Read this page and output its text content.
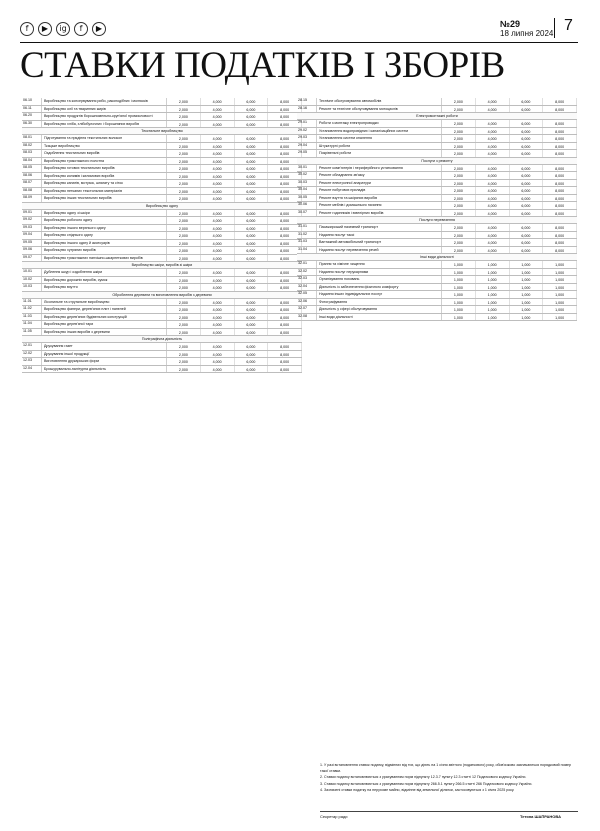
f	▶	ig	f	▶	№29
18 липня 2024 7
СТАВКИ ПОДАТКІВ І ЗБОРІВ
06.10	Виробництво та консервування риби, ракоподібних і молюсків	2,000	4,000	6,000	8,000
06.11	Виробництво олії та тваринних жирів	2,000	4,000	6,000	8,000
06.20	Виробництво продуктів борошномельно-круп'яної промисловості	2,000	4,000	6,000	8,000
06.30	Виробництво хліба, хлібобулочних і борошняних виробів	2,000	4,000	6,000	8,000
Текстильне виробництво
08.01	Підготування та прядіння текстильних волокон	2,000	4,000	6,000	8,000
08.02	Ткацьке виробництво	2,000	4,000	6,000	8,000
08.03	Оздоблення текстильних виробів	2,000	4,000	6,000	8,000
08.04	Виробництво трикотажного полотна	2,000	4,000	6,000	8,000
08.05	Виробництво готових текстильних виробів	2,000	4,000	6,000	8,000
08.06	Виробництво килимів і килимових виробів	2,000	4,000	6,000	8,000
08.07	Виробництво канатів, мотузок, шпагату та сіток	2,000	4,000	6,000	8,000
08.08	Виробництво нетканих текстильних матеріалів	2,000	4,000	6,000	8,000
08.09	Виробництво інших текстильних виробів	2,000	4,000	6,000	8,000
Виробництво одягу
09.01	Виробництво одягу зі шкіри	2,000	4,000	6,000	8,000
09.02	Виробництво робочого одягу	2,000	4,000	6,000	8,000
09.03	Виробництво іншого верхнього одягу	2,000	4,000	6,000	8,000
09.04	Виробництво спіднього одягу	2,000	4,000	6,000	8,000
09.05	Виробництво іншого одягу й аксесуарів	2,000	4,000	6,000	8,000
09.06	Виробництво хутряних виробів	2,000	4,000	6,000	8,000
09.07	Виробництво трикотажних панчішно-шкарпеткових виробів	2,000	4,000	6,000	8,000
Виробництво шкіри, виробів зі шкіри
10.01	Дублення шкур і оздоблення шкіри	2,000	4,000	6,000	8,000
10.02	Виробництво дорожніх виробів, сумок	2,000	4,000	6,000	8,000
10.03	Виробництво взуття	2,000	4,000	6,000	8,000
Оброблення деревини та виготовлення виробів з деревини
11.01	Лісопильне та стругальне виробництво	2,000	4,000	6,000	8,000
11.02	Виробництво фанери, дерев'яних плит і панелей	2,000	4,000	6,000	8,000
11.03	Виробництво дерев'яних будівельних конструкцій	2,000	4,000	6,000	8,000
11.04	Виробництво дерев'яної тари	2,000	4,000	6,000	8,000
11.05	Виробництво інших виробів з деревини	2,000	4,000	6,000	8,000
Поліграфічна діяльність
12.01	Друкування газет	2,000	4,000	6,000	8,000
12.02	Друкування іншої продукції	2,000	4,000	6,000	8,000
12.03	Виготовлення друкарських форм	2,000	4,000	6,000	8,000
12.04	Брошурувально-палітурна діяльність	2,000	4,000	6,000	8,000
28.15	Технічне обслуговування автомобілів	2,000	4,000	6,000	8,000
28.16	Ремонт та технічне обслуговування мотоциклів	2,000	4,000	6,000	8,000
Електромонтажні роботи
29.01	Роботи з монтажу електропроводки	2,000	4,000	6,000	8,000
29.02	Установлення водопровідних і каналізаційних систем	2,000	4,000	6,000	8,000
29.03	Установлення систем опалення	2,000	4,000	6,000	8,000
29.04	Штукатурні роботи	2,000	4,000	6,000	8,000
29.05	Покрівельні роботи	2,000	4,000	6,000	8,000
Послуги з ремонту
30.01	Ремонт комп'ютерів і периферійного устатковання	2,000	4,000	6,000	8,000
30.02	Ремонт обладнання зв'язку	2,000	4,000	6,000	8,000
30.03	Ремонт електронної апаратури	2,000	4,000	6,000	8,000
30.04	Ремонт побутових приладів	2,000	4,000	6,000	8,000
30.05	Ремонт взуття та шкіряних виробів	2,000	4,000	6,000	8,000
30.06	Ремонт меблів і домашнього начиння	2,000	4,000	6,000	8,000
30.07	Ремонт годинників і ювелірних виробів	2,000	4,000	6,000	8,000
Послуги перевезення
31.01	Пасажирський наземний транспорт	2,000	4,000	6,000	8,000
31.02	Надання послуг таксі	2,000	4,000	6,000	8,000
31.03	Вантажний автомобільний транспорт	2,000	4,000	6,000	8,000
31.04	Надання послуг перевезення речей	2,000	4,000	6,000	8,000
Інші види діяльності
32.01	Прання та хімічне чищення	1,000	1,000	1,000	1,000
32.02	Надання послуг перукарнями	1,000	1,000	1,000	1,000
32.03	Організування поховань	1,000	1,000	1,000	1,000
32.04	Діяльність із забезпечення фізичного комфорту	1,000	1,000	1,000	1,000
32.05	Надання інших індивідуальних послуг	1,000	1,000	1,000	1,000
32.06	Фотографування	1,000	1,000	1,000	1,000
32.07	Діяльність у сфері обслуговування	1,000	1,000	1,000	1,000
32.08	Інші види діяльності	1,000	1,000	1,000	1,000

1. У разі встановлення ставок податку, відмінних від тих, що діють на 1 січня звітного (податкового) року, обов'язково зазначаються порядковий номер такої ставки.

2. Ставки податку встановлюються з урахуванням норм підпункту 12.3.7 пункту 12.3 статті 12 Податкового кодексу України.

3. Ставки податку встановлюються з урахуванням норм підпункту 266.5.1 пункту 266.5 статті 266 Податкового кодексу України.

4. Зазначені ставки податку на нерухоме майно, відмінне від земельної ділянки, застосовуються з 1 січня 2025 року.

Секретар ради	Тетяна ШАПРАНОВА
